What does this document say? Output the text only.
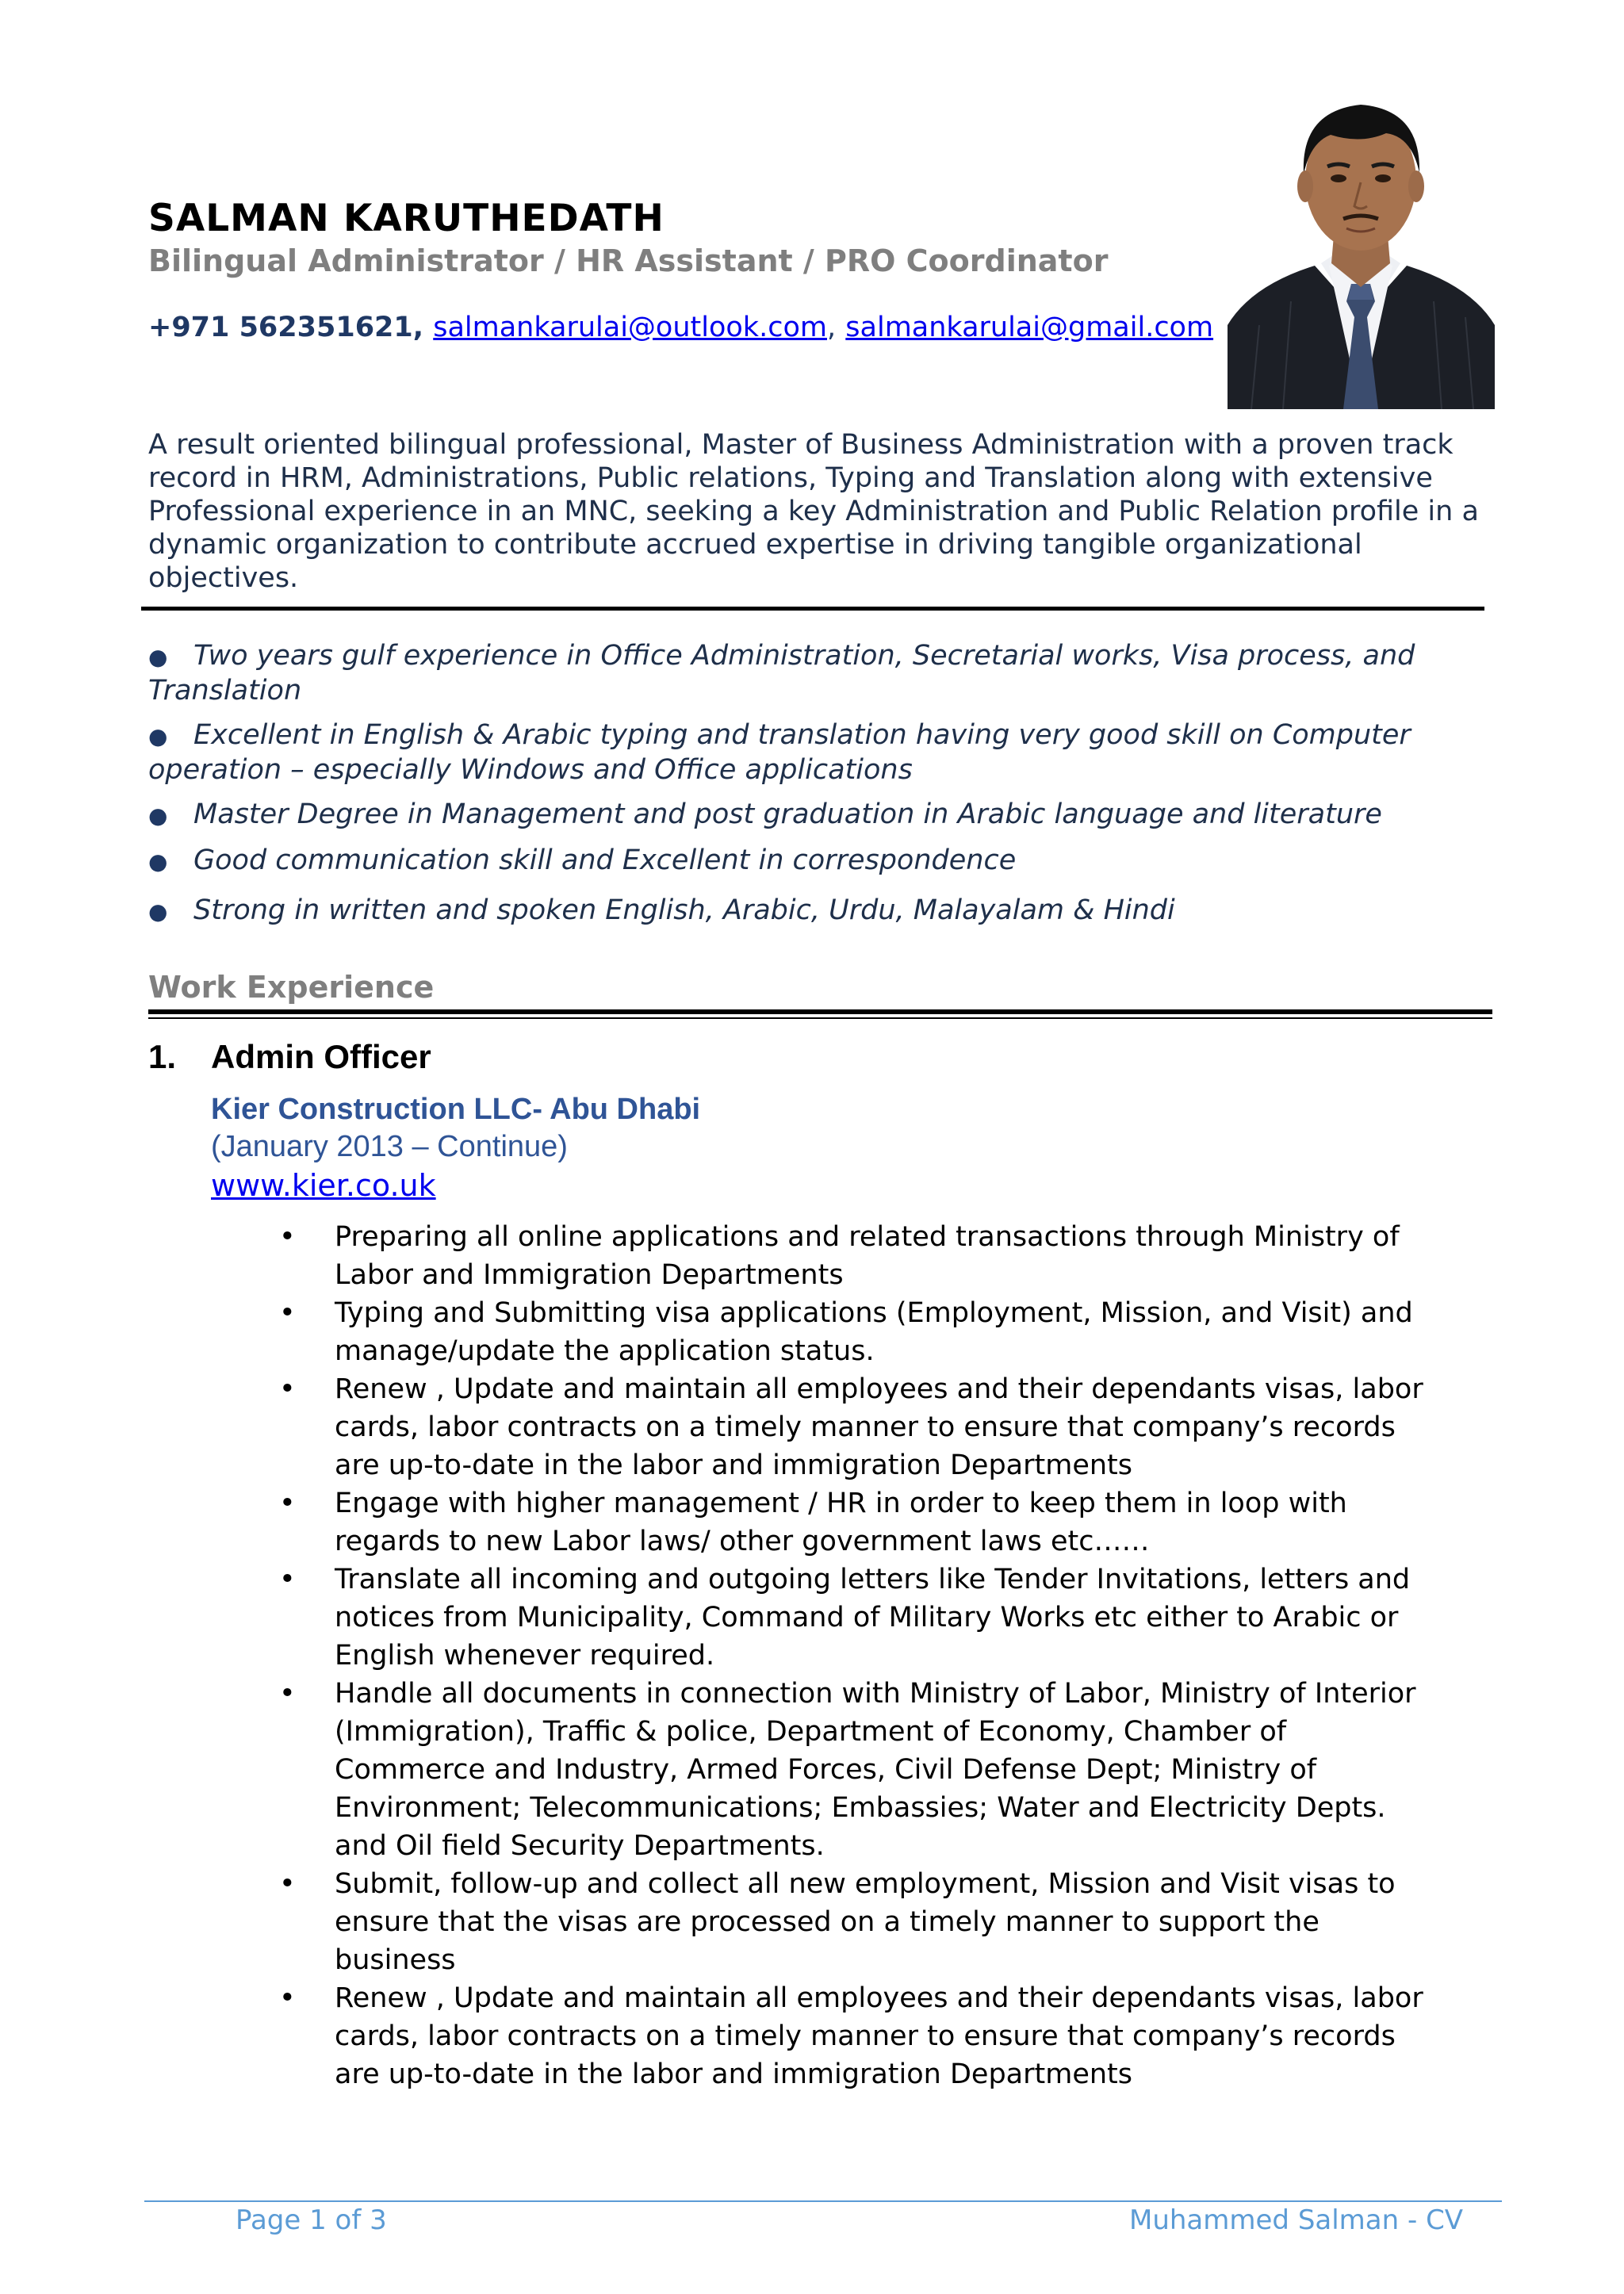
SALMAN KARUTHEDATH
Bilingual Administrator / HR Assistant / PRO Coordinator
+971 562351621, salmankarulai@outlook.com, salmankarulai@gmail.com
A result oriented bilingual professional, Master of Business Administration with a proven track record in HRM, Administrations, Public relations, Typing and Translation along with extensive Professional experience in an MNC, seeking a key Administration and Public Relation profile in a dynamic organization to contribute accrued expertise in driving tangible organizational objectives.
● Two years gulf experience in Office Administration, Secretarial works, Visa process, and Translation
● Excellent in English & Arabic typing and translation having very good skill on Computer operation – especially Windows and Office applications
● Master Degree in Management and post graduation in Arabic language and literature
● Good communication skill and Excellent in correspondence
● Strong in written and spoken English, Arabic, Urdu, Malayalam & Hindi
Work Experience
1. Admin Officer
Kier Construction LLC- Abu Dhabi
(January 2013 – Continue)
www.kier.co.uk
• Preparing all online applications and related transactions through Ministry of Labor and Immigration Departments
• Typing and Submitting visa applications (Employment, Mission, and Visit) and manage/update the application status.
• Renew , Update and maintain all employees and their dependants visas, labor cards, labor contracts on a timely manner to ensure that company’s records are up-to-date in the labor and immigration Departments
• Engage with higher management / HR in order to keep them in loop with regards to new Labor laws/ other government laws etc……
• Translate all incoming and outgoing letters like Tender Invitations, letters and notices from Municipality, Command of Military Works etc either to Arabic or English whenever required.
• Handle all documents in connection with Ministry of Labor, Ministry of Interior (Immigration), Traffic & police, Department of Economy, Chamber of Commerce and Industry, Armed Forces, Civil Defense Dept; Ministry of Environment; Telecommunications; Embassies; Water and Electricity Depts. and Oil field Security Departments.
• Submit, follow-up and collect all new employment, Mission and Visit visas to ensure that the visas are processed on a timely manner to support the business
• Renew , Update and maintain all employees and their dependants visas, labor cards, labor contracts on a timely manner to ensure that company’s records are up-to-date in the labor and immigration Departments
Page 1 of 3	Muhammed Salman - CV
